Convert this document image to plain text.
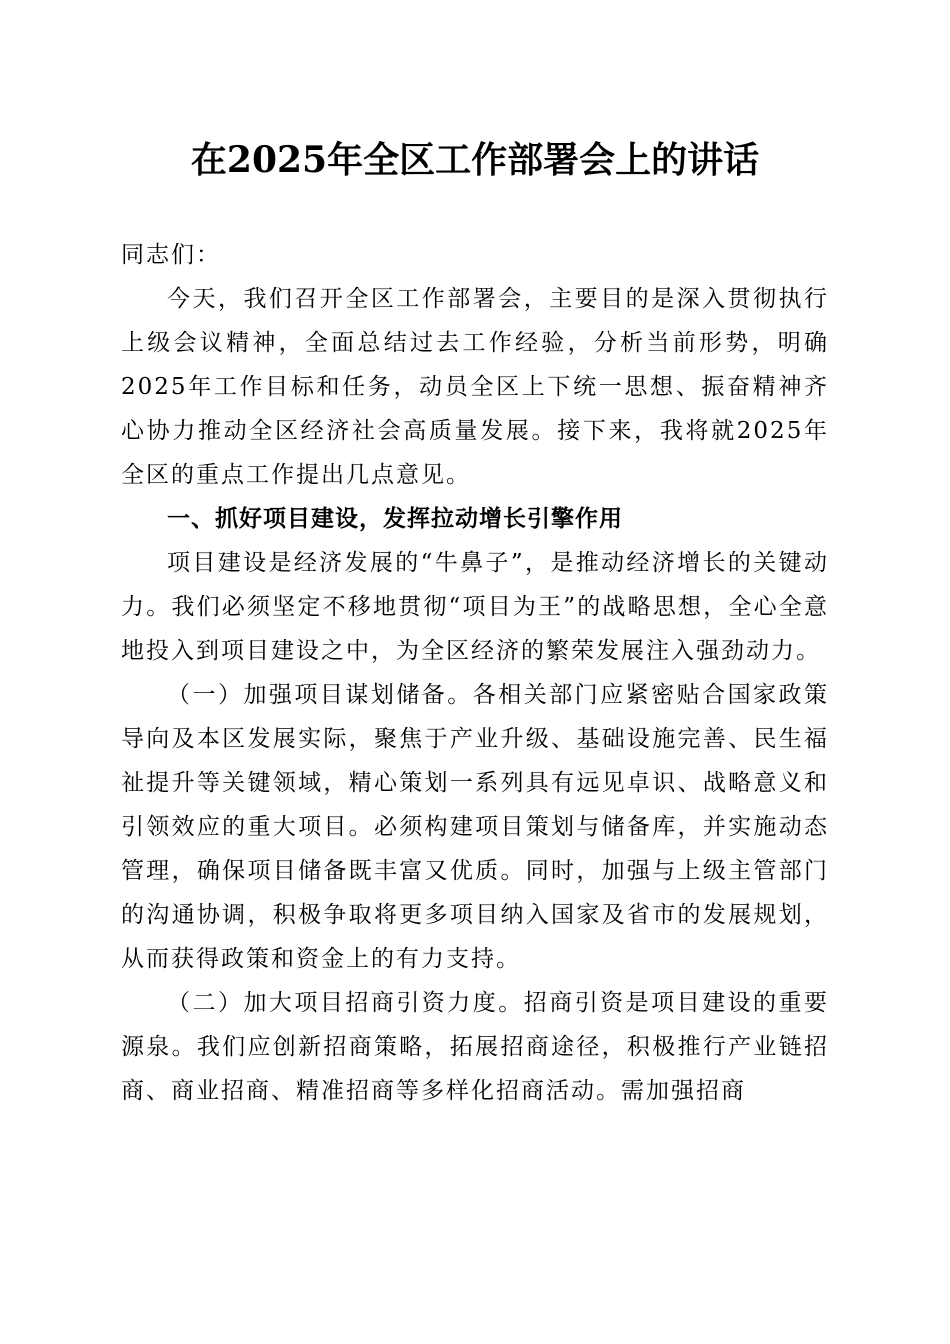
在2025年全区工作部署会上的讲话

同志们：

今天，我们召开全区工作部署会，主要目的是深入贯彻执行上级会议精神，全面总结过去工作经验，分析当前形势，明确2025年工作目标和任务，动员全区上下统一思想、振奋精神齐心协力推动全区经济社会高质量发展。接下来，我将就2025年全区的重点工作提出几点意见。

一、抓好项目建设，发挥拉动增长引擎作用

项目建设是经济发展的“牛鼻子”，是推动经济增长的关键动力。我们必须坚定不移地贯彻“项目为王”的战略思想，全心全意地投入到项目建设之中，为全区经济的繁荣发展注入强劲动力。

（一）加强项目谋划储备。各相关部门应紧密贴合国家政策导向及本区发展实际，聚焦于产业升级、基础设施完善、民生福祉提升等关键领域，精心策划一系列具有远见卓识、战略意义和引领效应的重大项目。必须构建项目策划与储备库，并实施动态管理，确保项目储备既丰富又优质。同时，加强与上级主管部门的沟通协调，积极争取将更多项目纳入国家及省市的发展规划，从而获得政策和资金上的有力支持。

（二）加大项目招商引资力度。招商引资是项目建设的重要源泉。我们应创新招商策略，拓展招商途径，积极推行产业链招商、商业招商、精准招商等多样化招商活动。需加强招商
